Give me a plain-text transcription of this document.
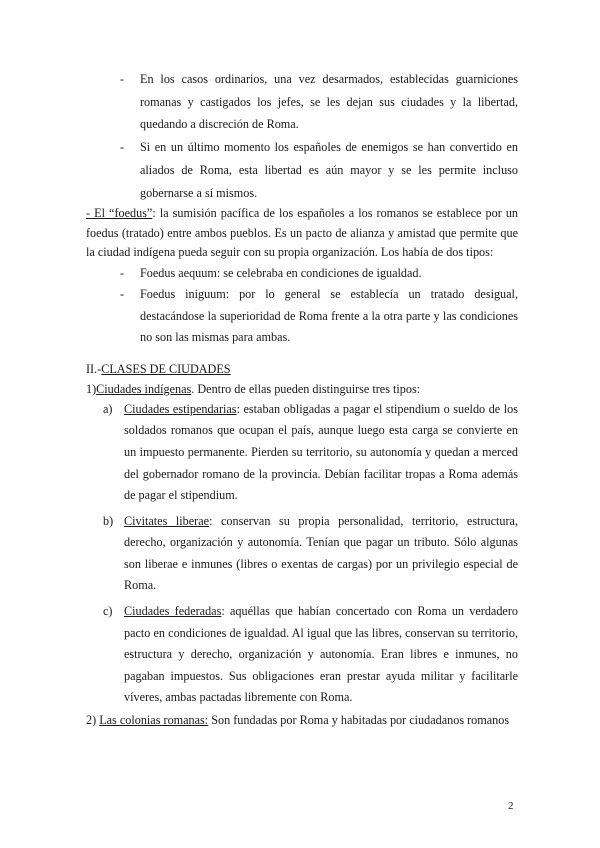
- En los casos ordinarios, una vez desarmados, establecidas guarniciones romanas y castigados los jefes, se les dejan sus ciudades y la libertad, quedando a discreción de Roma.

- Si en un último momento los españoles de enemigos se han convertido en aliados de Roma, esta libertad es aún mayor y se les permite incluso gobernarse a sí mismos.

- El “foedus”: la sumisión pacífica de los españoles a los romanos se establece por un foedus (tratado) entre ambos pueblos. Es un pacto de alianza y amistad que permite que la ciudad indígena pueda seguir con su propia organización. Los había de dos tipos:

- Foedus aequum: se celebraba en condiciones de igualdad.

- Foedus iniguum: por lo general se establecía un tratado desigual, destacándose la superioridad de Roma frente a la otra parte y las condiciones no son las mismas para ambas.

II.-CLASES DE CIUDADES

1)Ciudades indígenas. Dentro de ellas pueden distinguirse tres tipos:

a) Ciudades estipendarias: estaban obligadas a pagar el stipendium o sueldo de los soldados romanos que ocupan el país, aunque luego esta carga se convierte en un impuesto permanente. Pierden su territorio, su autonomía y quedan a merced del gobernador romano de la provincia. Debían facilitar tropas a Roma además de pagar el stipendium.

b) Civitates liberae: conservan su propia personalidad, territorio, estructura, derecho, organización y autonomía. Tenían que pagar un tributo. Sólo algunas son liberae e inmunes (libres o exentas de cargas) por un privilegio especial de Roma.

c) Ciudades federadas: aquéllas que habían concertado con Roma un verdadero pacto en condiciones de igualdad. Al igual que las libres, conservan su territorio, estructura y derecho, organización y autonomía. Eran libres e inmunes, no pagaban impuestos. Sus obligaciones eran prestar ayuda militar y facilitarle víveres, ambas pactadas libremente con Roma.

2) Las colonias romanas: Son fundadas por Roma y habitadas por ciudadanos romanos

2
